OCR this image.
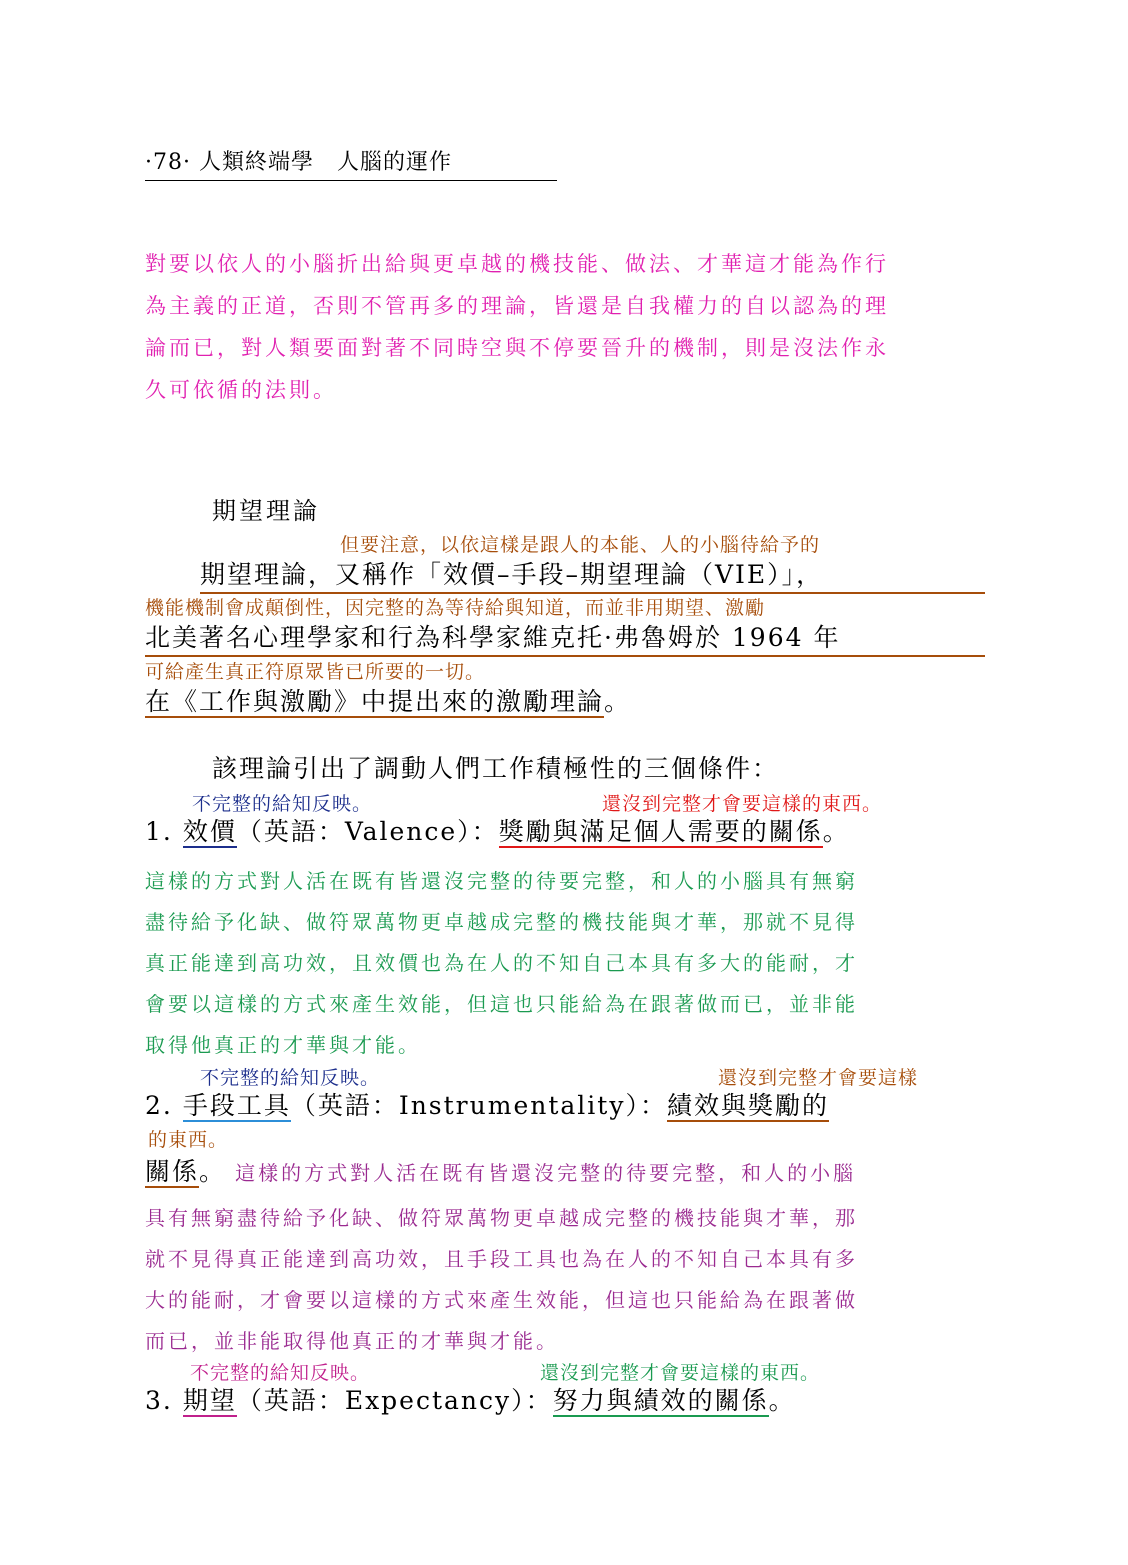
·78· 人類終端學　人腦的運作
對要以依人的小腦折出給與更卓越的機技能、做法、才華這才能為作行
為主義的正道，否則不管再多的理論，皆還是自我權力的自以認為的理
論而已，對人類要面對著不同時空與不停要晉升的機制，則是沒法作永
久可依循的法則。
期望理論
但要注意，以依這樣是跟人的本能、人的小腦待給予的
期望理論，又稱作「效價–手段–期望理論（VIE）」，
機能機制會成顛倒性，因完整的為等待給與知道，而並非用期望、激勵
北美著名心理學家和行為科學家維克托·弗魯姆於 1964 年
可給產生真正符原眾皆已所要的一切。
在《工作與激勵》中提出來的激勵理論。
該理論引出了調動人們工作積極性的三個條件：
不完整的給知反映。	還沒到完整才會要這樣的東西。
1. 效價（英語：Valence）：獎勵與滿足個人需要的關係。
這樣的方式對人活在既有皆還沒完整的待要完整，和人的小腦具有無窮
盡待給予化缺、做符眾萬物更卓越成完整的機技能與才華，那就不見得
真正能達到高功效，且效價也為在人的不知自己本具有多大的能耐，才
會要以這樣的方式來產生效能，但這也只能給為在跟著做而已，並非能
取得他真正的才華與才能。
不完整的給知反映。	還沒到完整才會要這樣
2. 手段工具（英語：Instrumentality）：績效與獎勵的
的東西。
關係。 這樣的方式對人活在既有皆還沒完整的待要完整，和人的小腦
具有無窮盡待給予化缺、做符眾萬物更卓越成完整的機技能與才華，那
就不見得真正能達到高功效，且手段工具也為在人的不知自己本具有多
大的能耐，才會要以這樣的方式來產生效能，但這也只能給為在跟著做
而已，並非能取得他真正的才華與才能。
不完整的給知反映。	還沒到完整才會要這樣的東西。
3. 期望（英語：Expectancy）：努力與績效的關係。
